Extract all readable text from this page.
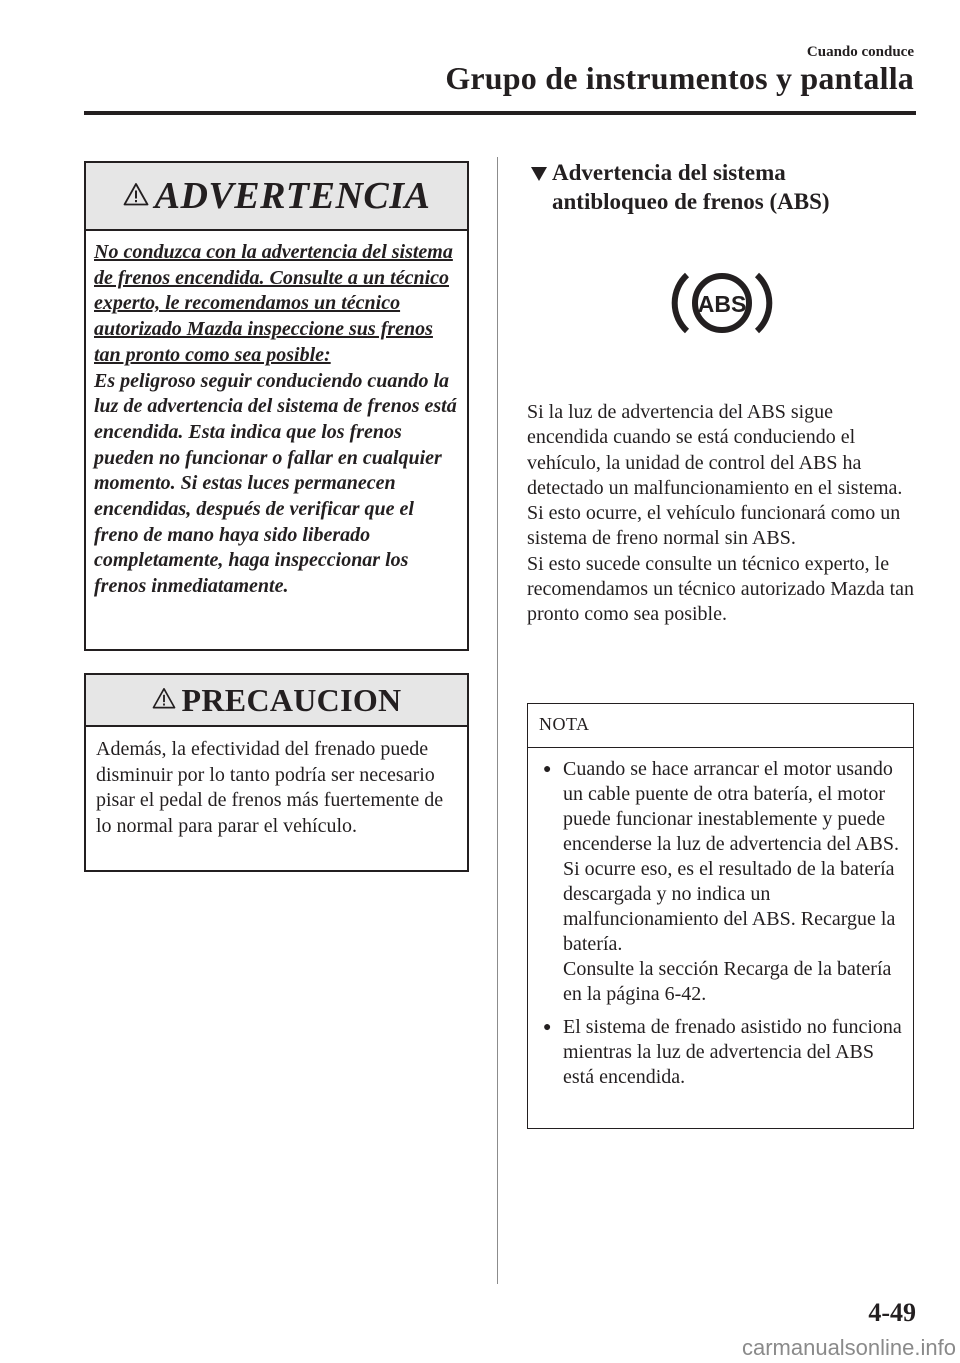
Cuando conduce
Grupo de instrumentos y pantalla
ADVERTENCIA
No conduzca con la advertencia del sistema de frenos encendida. Consulte a un técnico experto, le recomendamos un técnico autorizado Mazda inspeccione sus frenos tan pronto como sea posible:
Es peligroso seguir conduciendo cuando la luz de advertencia del sistema de frenos está encendida. Esta indica que los frenos pueden no funcionar o fallar en cualquier momento. Si estas luces permanecen encendidas, después de verificar que el freno de mano haya sido liberado completamente, haga inspeccionar los frenos inmediatamente.
PRECAUCION
Además, la efectividad del frenado puede disminuir por lo tanto podría ser necesario pisar el pedal de frenos más fuertemente de lo normal para parar el vehículo.
Advertencia del sistema antibloqueo de frenos (ABS)
ABS
Si la luz de advertencia del ABS sigue encendida cuando se está conduciendo el vehículo, la unidad de control del ABS ha detectado un malfuncionamiento en el sistema. Si esto ocurre, el vehículo funcionará como un sistema de freno normal sin ABS.
Si esto sucede consulte un técnico experto, le recomendamos un técnico autorizado Mazda tan pronto como sea posible.
NOTA
● Cuando se hace arrancar el motor usando un cable puente de otra batería, el motor puede funcionar inestablemente y puede encenderse la luz de advertencia del ABS. Si ocurre eso, es el resultado de la batería descargada y no indica un malfuncionamiento del ABS. Recargue la batería.
Consulte la sección Recarga de la batería en la página 6-42.
● El sistema de frenado asistido no funciona mientras la luz de advertencia del ABS está encendida.
4-49
carmanualsonline.info
